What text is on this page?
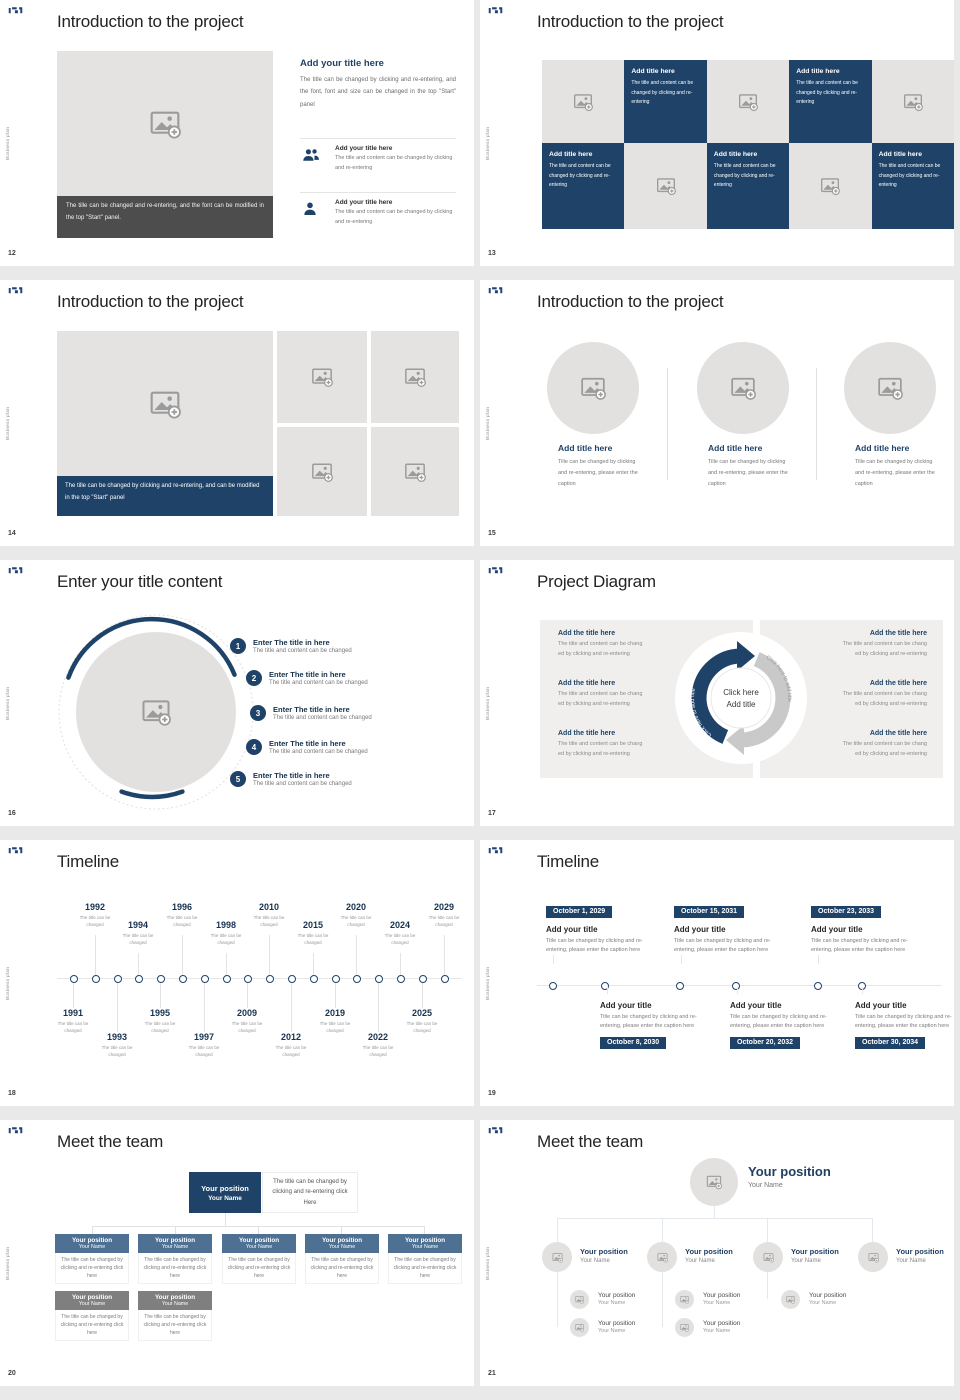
Business plan
Introduction to the project
The tille can be changed and re-entering, and the font can be modified in the top "Start" panel.
Add your title here
The title can be changed by clicking and re-entering, and the font, font and size can be changed in the top "Start" panel
Add your title here
The title and content can be changed by clicking and re-entering
Add your title here
The title and content can be changed by clicking and re-entering
12
Business plan
Introduction to the project
Add title here
The title and content can be changed by clicking and re-entering
Add title here
The title and content can be changed by clicking and re-entering
Add title here
The title and content can be changed by clicking and re-entering
Add title here
The title and content can be changed by clicking and re-entering
Add title here
The title and content can be changed by clicking and re-entering
13
Business plan
Introduction to the project
The tille can be changed by clicking and re-entering, and can be modified in the top "Start" panel
14
Business plan
Introduction to the project
Add title here
Tille can be changed by clicking and re-entering, please enter the caption
Add title here
Tille can be changed by clicking and re-entering, please enter the caption
Add title here
Tille can be changed by clicking and re-entering, please enter the caption
15
Business plan
Enter your title content
1	Enter The title in here
The title and content can be changed
2	Enter The title in here
The title and content can be changed
3	Enter The title in here
The title and content can be changed
4	Enter The title in here
The title and content can be changed
5	Enter The title in here
The title and content can be changed
16
Business plan
Project Diagram
Add the title here
The title and content can be chang
ed by clicking and re-entering
Add the title here
The title and content can be chang
ed by clicking and re-entering
Add the title here
The title and content can be chang
ed by clicking and re-entering
Add the title here
The title and content can be chang
ed by clicking and re-entering
Add the title here
The title and content can be chang
ed by clicking and re-entering
Add the title here
The title and content can be chang
ed by clicking and re-entering
Click here to add title
Click here to add title
Click here
Add title
17
Business plan
Timeline
1991
The title can be changed
1992
The title can be changed
1993
The title can be changed
1994
The title can be changed
1995
The title can be changed
1996
The title can be changed
1997
The title can be changed
1998
The title can be changed
2009
The title can be changed
2010
The title can be changed
2012
The title can be changed
2015
The title can be changed
2019
The title can be changed
2020
The title can be changed
2022
The title can be changed
2024
The title can be changed
2025
The title can be changed
2029
The title can be changed
18
Business plan
Timeline
October 1, 2029
Add your title
Title can be changed by clicking and re-entering, please enter the caption here
October 15, 2031
Add your title
Title can be changed by clicking and re-entering, please enter the caption here
October 23, 2033
Add your title
Title can be changed by clicking and re-entering, please enter the caption here
Add your title
Title can be changed by clicking and re-entering, please enter the caption here
October 8, 2030
Add your title
Title can be changed by clicking and re-entering, please enter the caption here
October 20, 2032
Add your title
Title can be changed by clicking and re-entering, please enter the caption here
October 30, 2034
19
Business plan
Meet the team
Your position
Your Name
The title can be changed by clicking and re-entering click Here
Your position
Your Name
The title can be changed by clicking and re-entering click here
Your position
Your Name
The title can be changed by clicking and re-entering click here
Your position
Your Name
The title can be changed by clicking and re-entering click here
Your position
Your Name
The title can be changed by clicking and re-entering click here
Your position
Your Name
The title can be changed by clicking and re-entering click here
Your position
Your Name
The title can be changed by clicking and re-entering click here
Your position
Your Name
The title can be changed by clicking and re-entering click here
20
Business plan
Meet the team
Your position
Your Name
Your position
Your Name
Your position
Your Name
Your position
Your Name
Your position
Your Name
Your position
Your Name
Your position
Your Name
Your position
Your Name
Your position
Your Name
Your position
Your Name
21
